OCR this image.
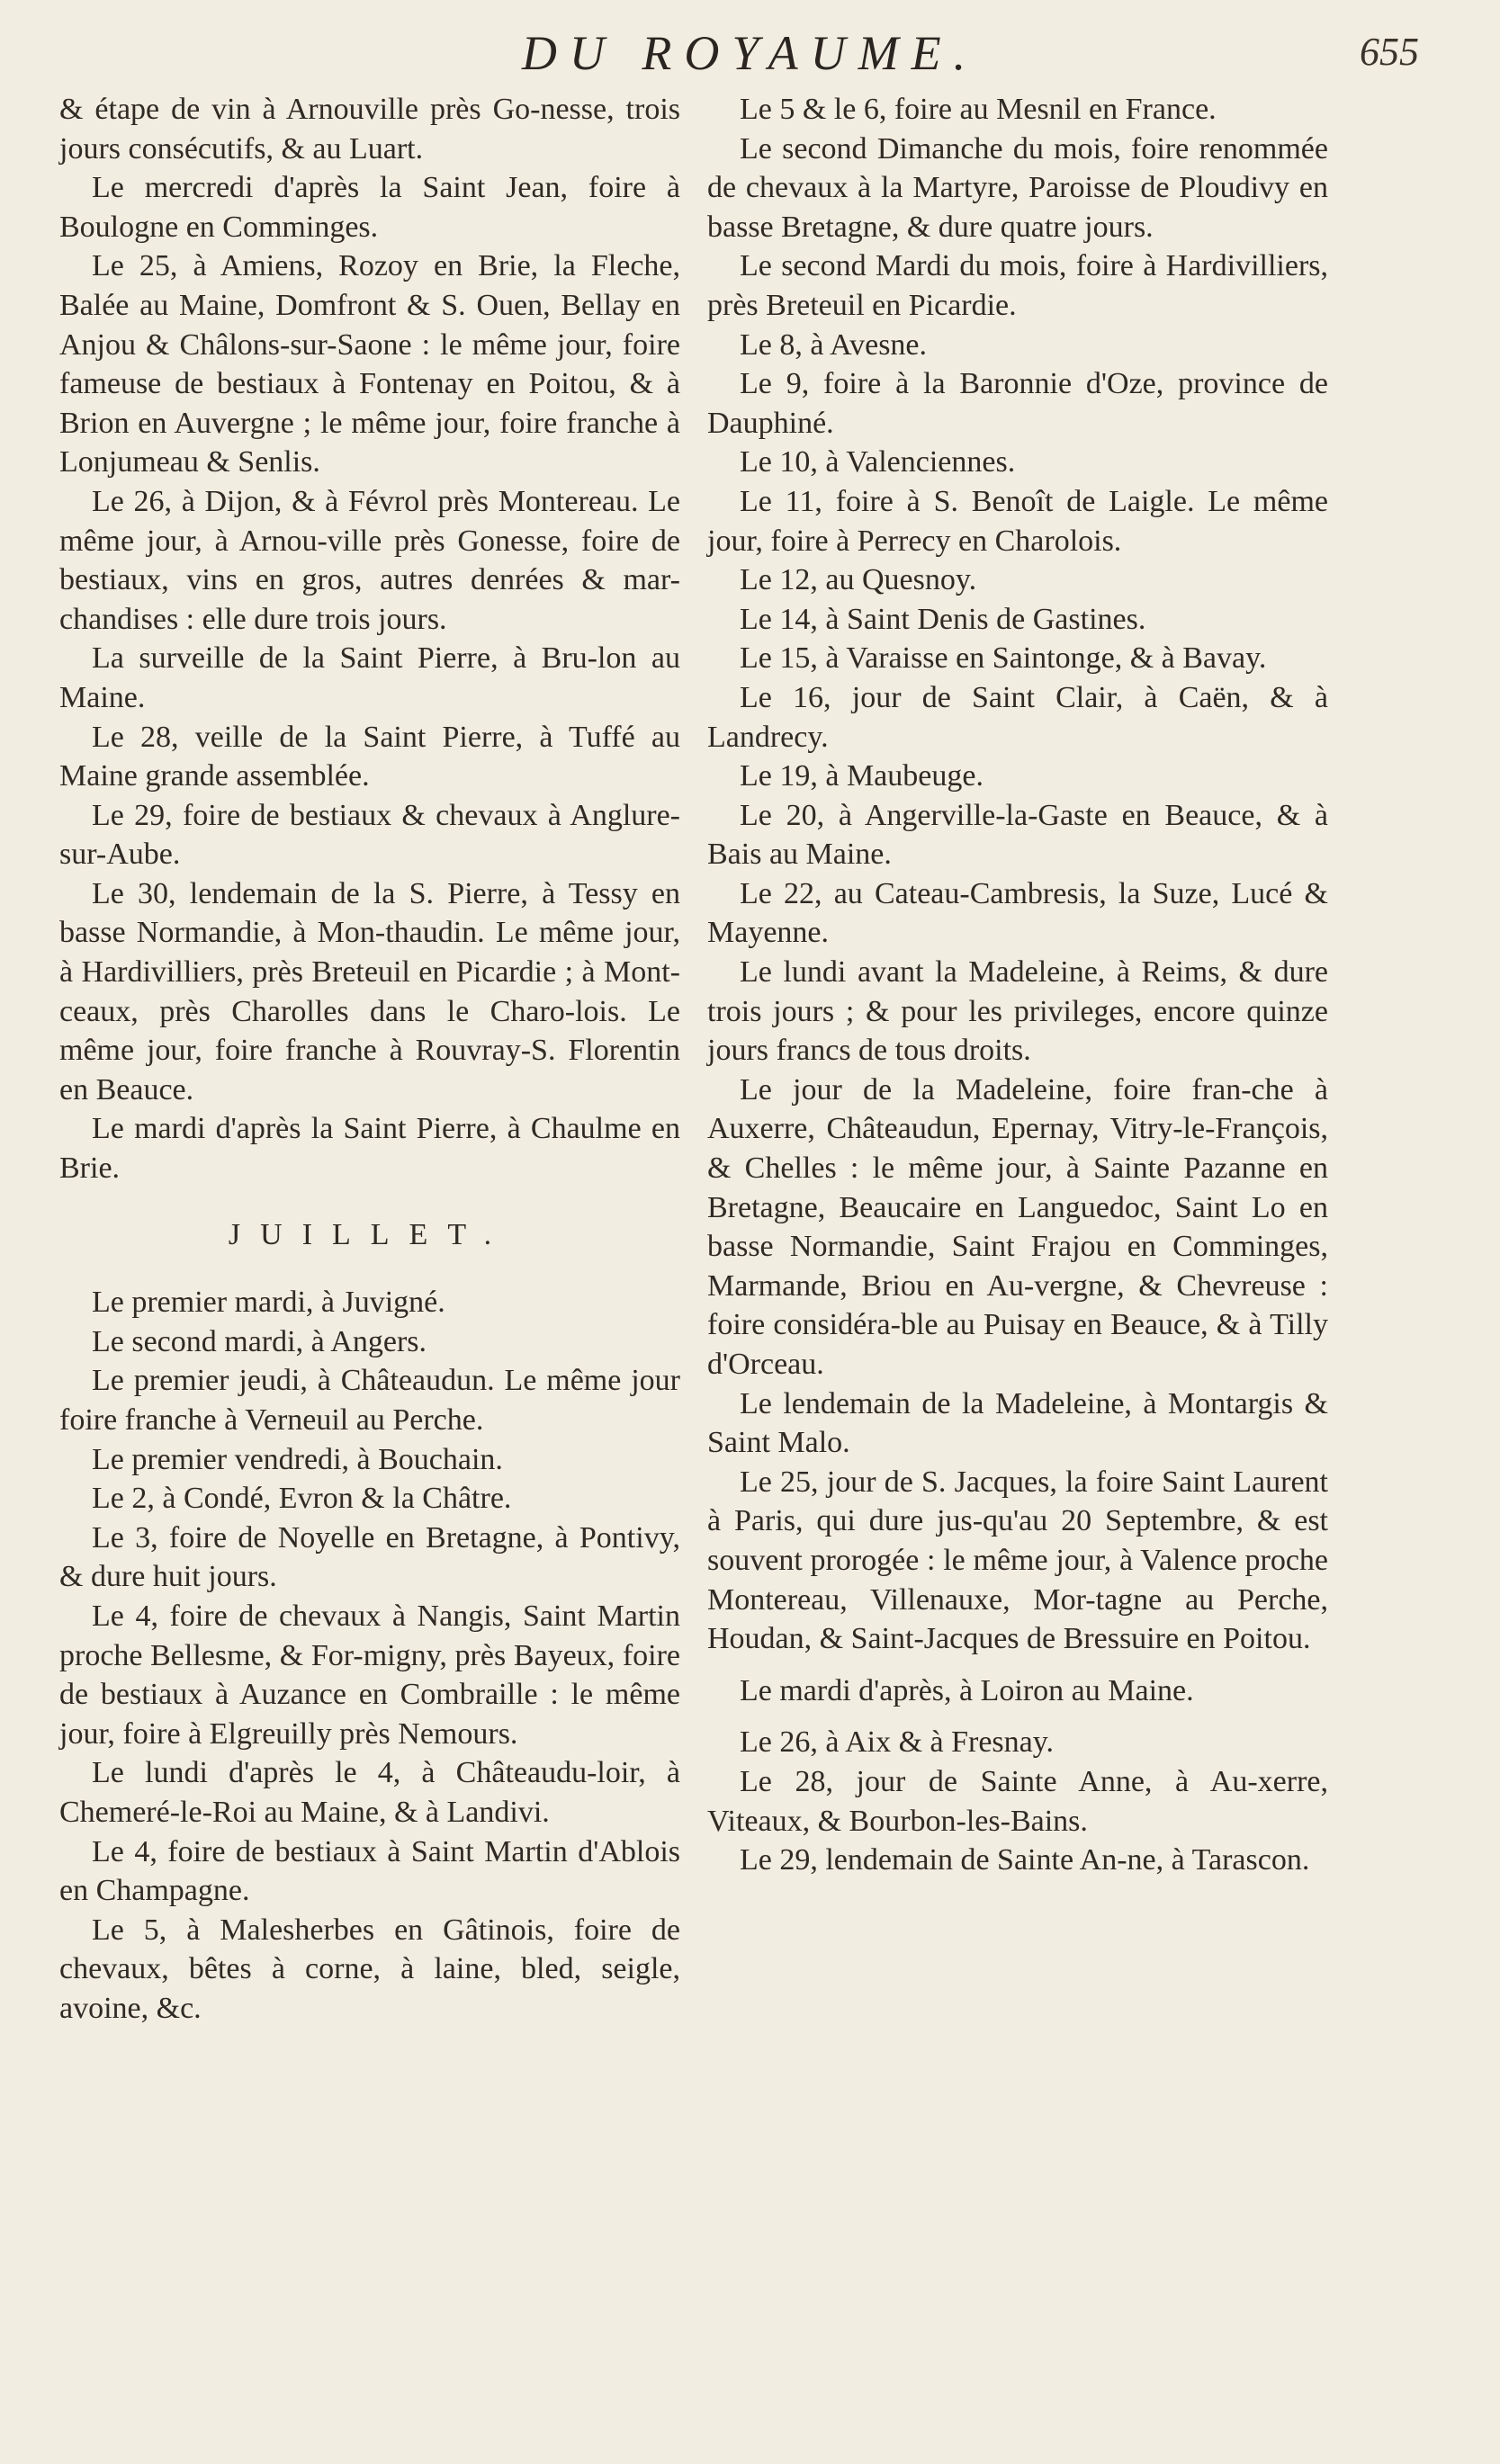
DU ROYAUME.	655

& étape de vin à Arnouville près Go-nesse, trois jours consécutifs, & au Luart.

Le mercredi d'après la Saint Jean, foire à Boulogne en Comminges.

Le 25, à Amiens, Rozoy en Brie, la Fleche, Balée au Maine, Domfront & S. Ouen, Bellay en Anjou & Châlons-sur-Saone : le même jour, foire fameuse de bestiaux à Fontenay en Poitou, & à Brion en Auvergne ; le même jour, foire franche à Lonjumeau & Senlis.

Le 26, à Dijon, & à Févrol près Montereau. Le même jour, à Arnou-ville près Gonesse, foire de bestiaux, vins en gros, autres denrées & mar-chandises : elle dure trois jours.

La surveille de la Saint Pierre, à Bru-lon au Maine.

Le 28, veille de la Saint Pierre, à Tuffé au Maine grande assemblée.

Le 29, foire de bestiaux & chevaux à Anglure-sur-Aube.

Le 30, lendemain de la S. Pierre, à Tessy en basse Normandie, à Mon-thaudin. Le même jour, à Hardivilliers, près Breteuil en Picardie ; à Mont-ceaux, près Charolles dans le Charo-lois. Le même jour, foire franche à Rouvray-S. Florentin en Beauce.

Le mardi d'après la Saint Pierre, à Chaulme en Brie.

JUILLET.

Le premier mardi, à Juvigné.

Le second mardi, à Angers.

Le premier jeudi, à Châteaudun. Le même jour foire franche à Verneuil au Perche.

Le premier vendredi, à Bouchain.

Le 2, à Condé, Evron & la Châtre.

Le 3, foire de Noyelle en Bretagne, à Pontivy, & dure huit jours.

Le 4, foire de chevaux à Nangis, Saint Martin proche Bellesme, & For-migny, près Bayeux, foire de bestiaux à Auzance en Combraille : le même jour, foire à Elgreuilly près Nemours.

Le lundi d'après le 4, à Châteaudu-loir, à Chemeré-le-Roi au Maine, & à Landivi.

Le 4, foire de bestiaux à Saint Martin d'Ablois en Champagne.

Le 5, à Malesherbes en Gâtinois, foire de chevaux, bêtes à corne, à laine, bled, seigle, avoine, &c.

Le 5 & le 6, foire au Mesnil en France.

Le second Dimanche du mois, foire renommée de chevaux à la Martyre, Paroisse de Ploudivy en basse Bretagne, & dure quatre jours.

Le second Mardi du mois, foire à Hardivilliers, près Breteuil en Picardie.

Le 8, à Avesne.

Le 9, foire à la Baronnie d'Oze, province de Dauphiné.

Le 10, à Valenciennes.

Le 11, foire à S. Benoît de Laigle. Le même jour, foire à Perrecy en Charolois.

Le 12, au Quesnoy.

Le 14, à Saint Denis de Gastines.

Le 15, à Varaisse en Saintonge, & à Bavay.

Le 16, jour de Saint Clair, à Caën, & à Landrecy.

Le 19, à Maubeuge.

Le 20, à Angerville-la-Gaste en Beauce, & à Bais au Maine.

Le 22, au Cateau-Cambresis, la Suze, Lucé & Mayenne.

Le lundi avant la Madeleine, à Reims, & dure trois jours ; & pour les privileges, encore quinze jours francs de tous droits.

Le jour de la Madeleine, foire fran-che à Auxerre, Châteaudun, Epernay, Vitry-le-François, & Chelles : le même jour, à Sainte Pazanne en Bretagne, Beaucaire en Languedoc, Saint Lo en basse Normandie, Saint Frajou en Comminges, Marmande, Briou en Au-vergne, & Chevreuse : foire considéra-ble au Puisay en Beauce, & à Tilly d'Orceau.

Le lendemain de la Madeleine, à Montargis & Saint Malo.

Le 25, jour de S. Jacques, la foire Saint Laurent à Paris, qui dure jus-qu'au 20 Septembre, & est souvent prorogée : le même jour, à Valence proche Montereau, Villenauxe, Mor-tagne au Perche, Houdan, & Saint-Jacques de Bressuire en Poitou.

Le mardi d'après, à Loiron au Maine.

Le 26, à Aix & à Fresnay.

Le 28, jour de Sainte Anne, à Au-xerre, Viteaux, & Bourbon-les-Bains.

Le 29, lendemain de Sainte An-ne, à Tarascon.
